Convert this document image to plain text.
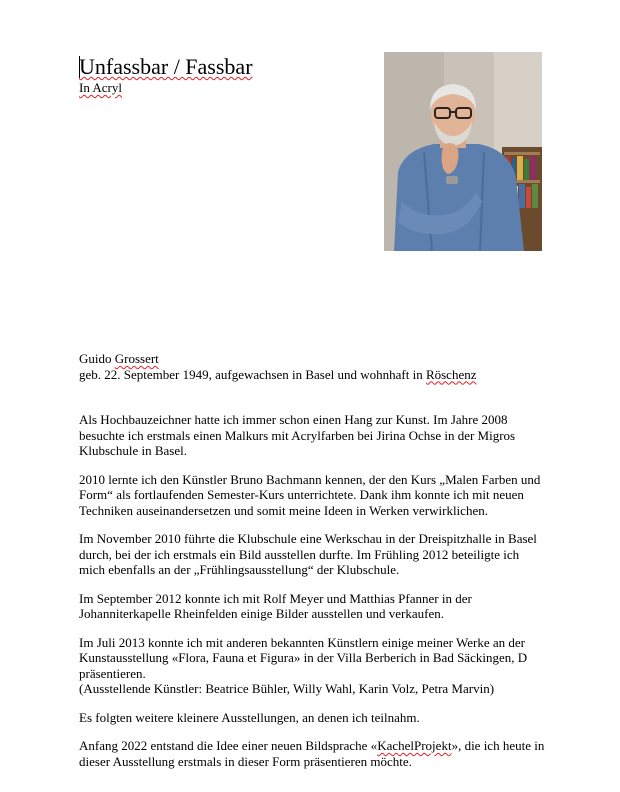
Unfassbar / Fassbar
In Acryl
Guido Grossert
geb. 22. September 1949, aufgewachsen in Basel und wohnhaft in Röschenz

Als Hochbauzeichner hatte ich immer schon einen Hang zur Kunst. Im Jahre 2008
besuchte ich erstmals einen Malkurs mit Acrylfarben bei Jirina Ochse in der Migros
Klubschule in Basel.

2010 lernte ich den Künstler Bruno Bachmann kennen, der den Kurs „Malen Farben und
Form“ als fortlaufenden Semester-Kurs unterrichtete. Dank ihm konnte ich mit neuen
Techniken auseinandersetzen und somit meine Ideen in Werken verwirklichen.

Im November 2010 führte die Klubschule eine Werkschau in der Dreispitzhalle in Basel
durch, bei der ich erstmals ein Bild ausstellen durfte. Im Frühling 2012 beteiligte ich
mich ebenfalls an der „Frühlingsausstellung“ der Klubschule.

Im September 2012 konnte ich mit Rolf Meyer und Matthias Pfanner in der
Johanniterkapelle Rheinfelden einige Bilder ausstellen und verkaufen.

Im Juli 2013 konnte ich mit anderen bekannten Künstlern einige meiner Werke an der
Kunstausstellung «Flora, Fauna et Figura» in der Villa Berberich in Bad Säckingen, D
präsentieren.
(Ausstellende Künstler: Beatrice Bühler, Willy Wahl, Karin Volz, Petra Marvin)

Es folgten weitere kleinere Ausstellungen, an denen ich teilnahm.

Anfang 2022 entstand die Idee einer neuen Bildsprache «KachelProjekt», die ich heute in
dieser Ausstellung erstmals in dieser Form präsentieren möchte.
